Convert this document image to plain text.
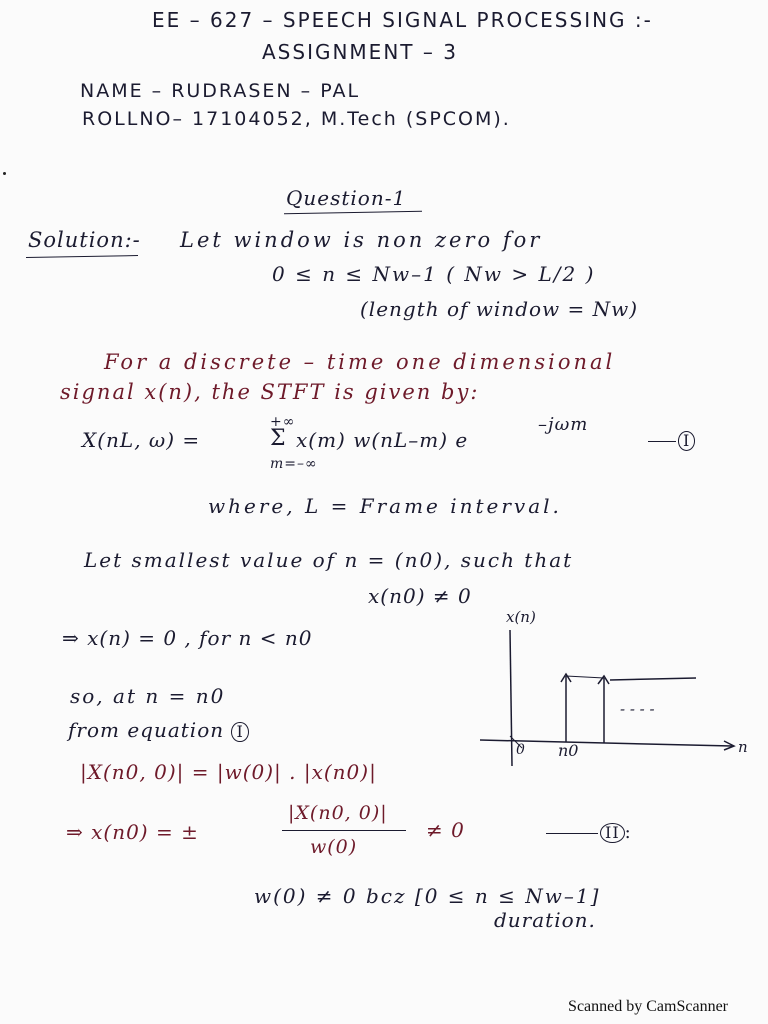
EE – 627 – SPEECH SIGNAL PROCESSING :-
ASSIGNMENT – 3
NAME – RUDRASEN – PAL
ROLLNO– 17104052, M.Tech (SPCOM).
Question-1
Solution:- Let window is non zero for
0 ≤ n ≤ Nw–1 ( Nw > L/2 )
(length of window = Nw)
For a discrete – time one dimensional
signal x(n), the STFT is given by:
X(nL, ω) =
+∞
Σ
m=–∞
x(m) w(nL–m) e
–jωm
I
where, L = Frame interval.
Let smallest value of n = (n0), such that
x(n0) ≠ 0
⇒ x(n) = 0 , for n < n0
so, at n = n0
from equation I
|X(n0, 0)| = |w(0)| . |x(n0)|
⇒ x(n0) = ±
|X(n0, 0)|
w(0)
≠ 0	II :
w(0) ≠ 0 bcz [0 ≤ n ≤ Nw–1]
duration.
x(n)
n
0 n0
- - - -
Scanned by CamScanner
